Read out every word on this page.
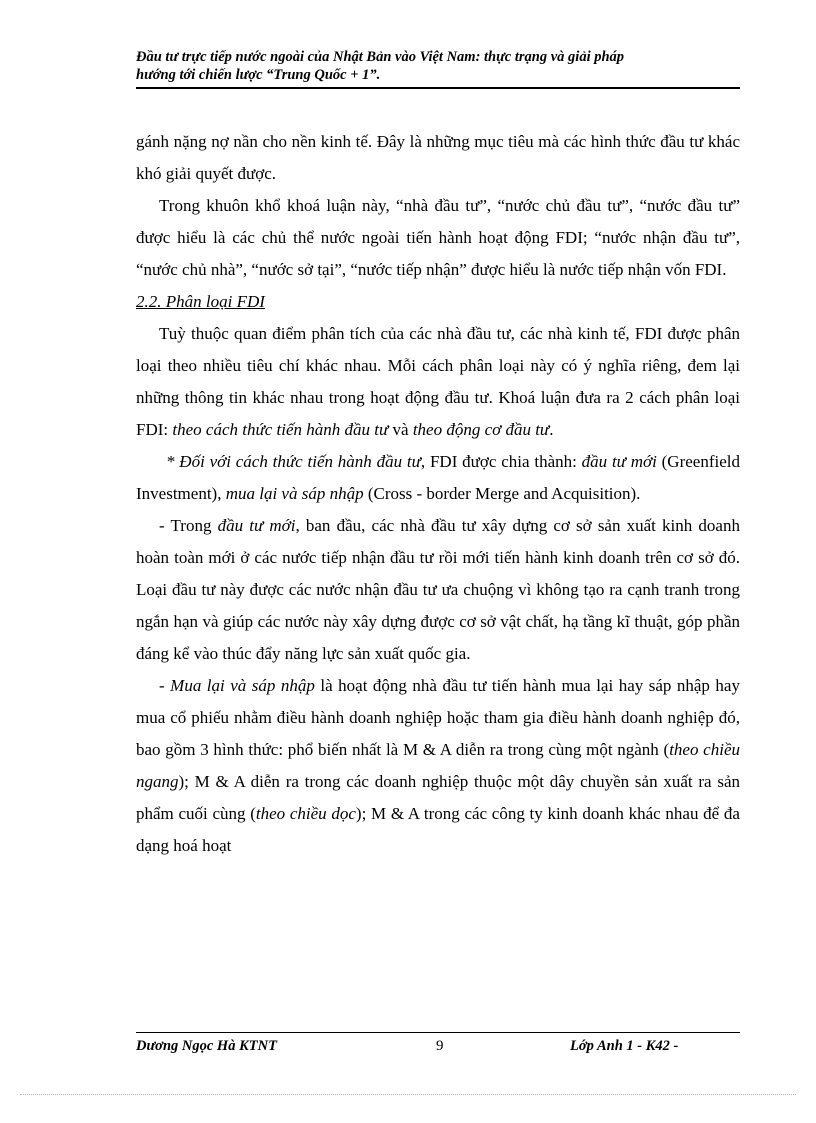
Đầu tư trực tiếp nước ngoài của Nhật Bản vào Việt Nam: thực trạng và giải pháp
hướng tới chiến lược “Trung Quốc + 1”.

gánh nặng nợ nần cho nền kinh tế. Đây là những mục tiêu mà các hình thức đầu tư khác khó giải quyết được.

Trong khuôn khổ khoá luận này, “nhà đầu tư”, “nước chủ đầu tư”, “nước đầu tư” được hiểu là các chủ thể nước ngoài tiến hành hoạt động FDI; “nước nhận đầu tư”, “nước chủ nhà”, “nước sở tại”, “nước tiếp nhận” được hiểu là nước tiếp nhận vốn FDI.

2.2. Phân loại FDI

Tuỳ thuộc quan điểm phân tích của các nhà đầu tư, các nhà kinh tế, FDI được phân loại theo nhiều tiêu chí khác nhau. Mỗi cách phân loại này có ý nghĩa riêng, đem lại những thông tin khác nhau trong hoạt động đầu tư. Khoá luận đưa ra 2 cách phân loại FDI: theo cách thức tiến hành đầu tư và theo động cơ đầu tư.

* Đối với cách thức tiến hành đầu tư, FDI được chia thành: đầu tư mới (Greenfield Investment), mua lại và sáp nhập (Cross - border Merge and Acquisition).

- Trong đầu tư mới, ban đầu, các nhà đầu tư xây dựng cơ sở sản xuất kinh doanh hoàn toàn mới ở các nước tiếp nhận đầu tư rồi mới tiến hành kinh doanh trên cơ sở đó. Loại đầu tư này được các nước nhận đầu tư ưa chuộng vì không tạo ra cạnh tranh trong ngắn hạn và giúp các nước này xây dựng được cơ sở vật chất, hạ tầng kĩ thuật, góp phần đáng kể vào thúc đẩy năng lực sản xuất quốc gia.

- Mua lại và sáp nhập là hoạt động nhà đầu tư tiến hành mua lại hay sáp nhập hay mua cổ phiếu nhằm điều hành doanh nghiệp hoặc tham gia điều hành doanh nghiệp đó, bao gồm 3 hình thức: phổ biến nhất là M & A diễn ra trong cùng một ngành (theo chiều ngang); M & A diễn ra trong các doanh nghiệp thuộc một dây chuyền sản xuất ra sản phẩm cuối cùng (theo chiều dọc); M & A trong các công ty kinh doanh khác nhau để đa dạng hoá hoạt

Dương Ngọc Hà KTNT	9	Lớp Anh 1 - K42 -
